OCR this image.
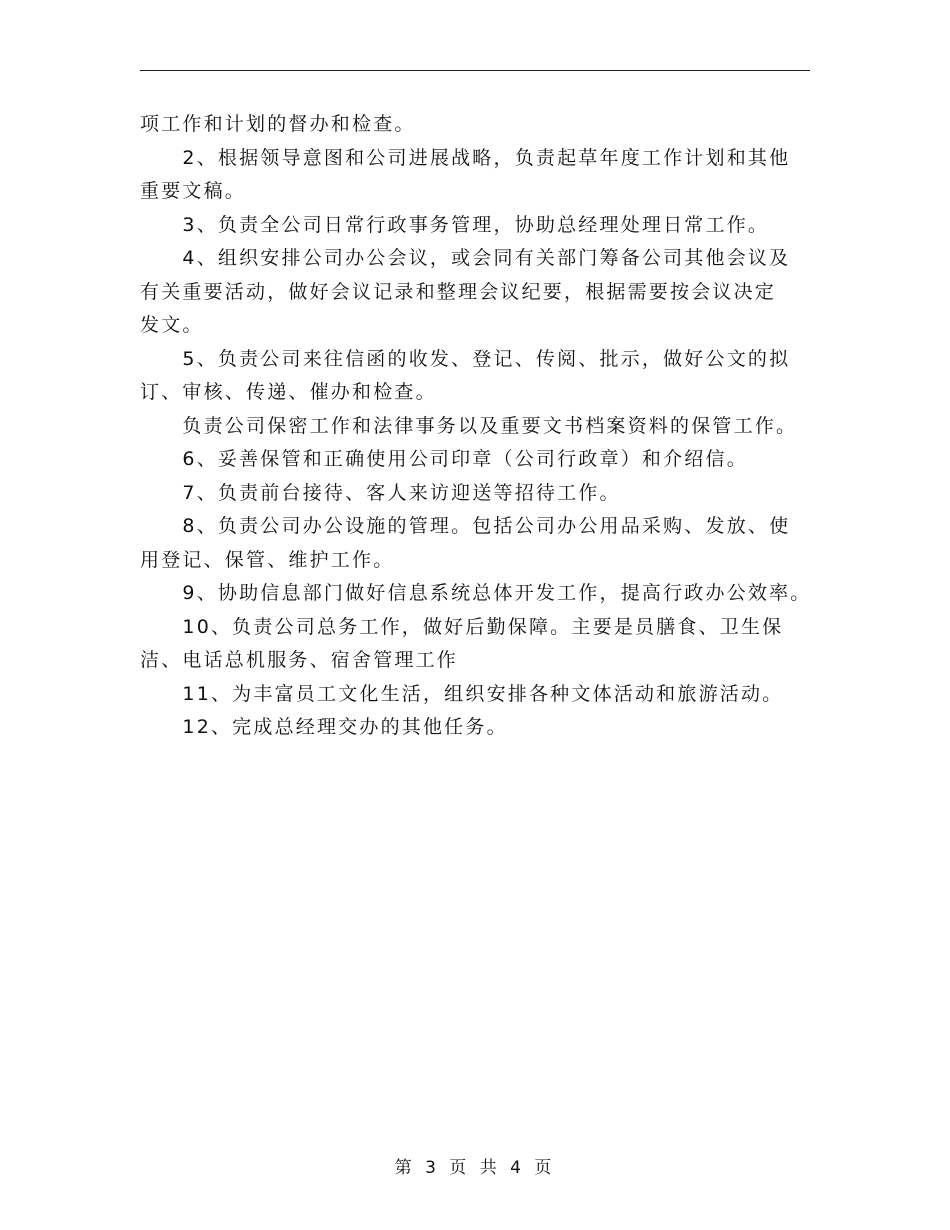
项工作和计划的督办和检查。

　　2、根据领导意图和公司进展战略，负责起草年度工作计划和其他
重要文稿。

　　3、负责全公司日常行政事务管理，协助总经理处理日常工作。

　　4、组织安排公司办公会议，或会同有关部门筹备公司其他会议及
有关重要活动，做好会议记录和整理会议纪要，根据需要按会议决定
发文。

　　5、负责公司来往信函的收发、登记、传阅、批示，做好公文的拟
订、审核、传递、催办和检查。

　　负责公司保密工作和法律事务以及重要文书档案资料的保管工作。

　　6、妥善保管和正确使用公司印章（公司行政章）和介绍信。

　　7、负责前台接待、客人来访迎送等招待工作。

　　8、负责公司办公设施的管理。包括公司办公用品采购、发放、使
用登记、保管、维护工作。

　　9、协助信息部门做好信息系统总体开发工作，提高行政办公效率。

　　10、负责公司总务工作，做好后勤保障。主要是员膳食、卫生保
洁、电话总机服务、宿舍管理工作

　　11、为丰富员工文化生活，组织安排各种文体活动和旅游活动。

　　12、完成总经理交办的其他任务。

第 3 页 共 4 页
